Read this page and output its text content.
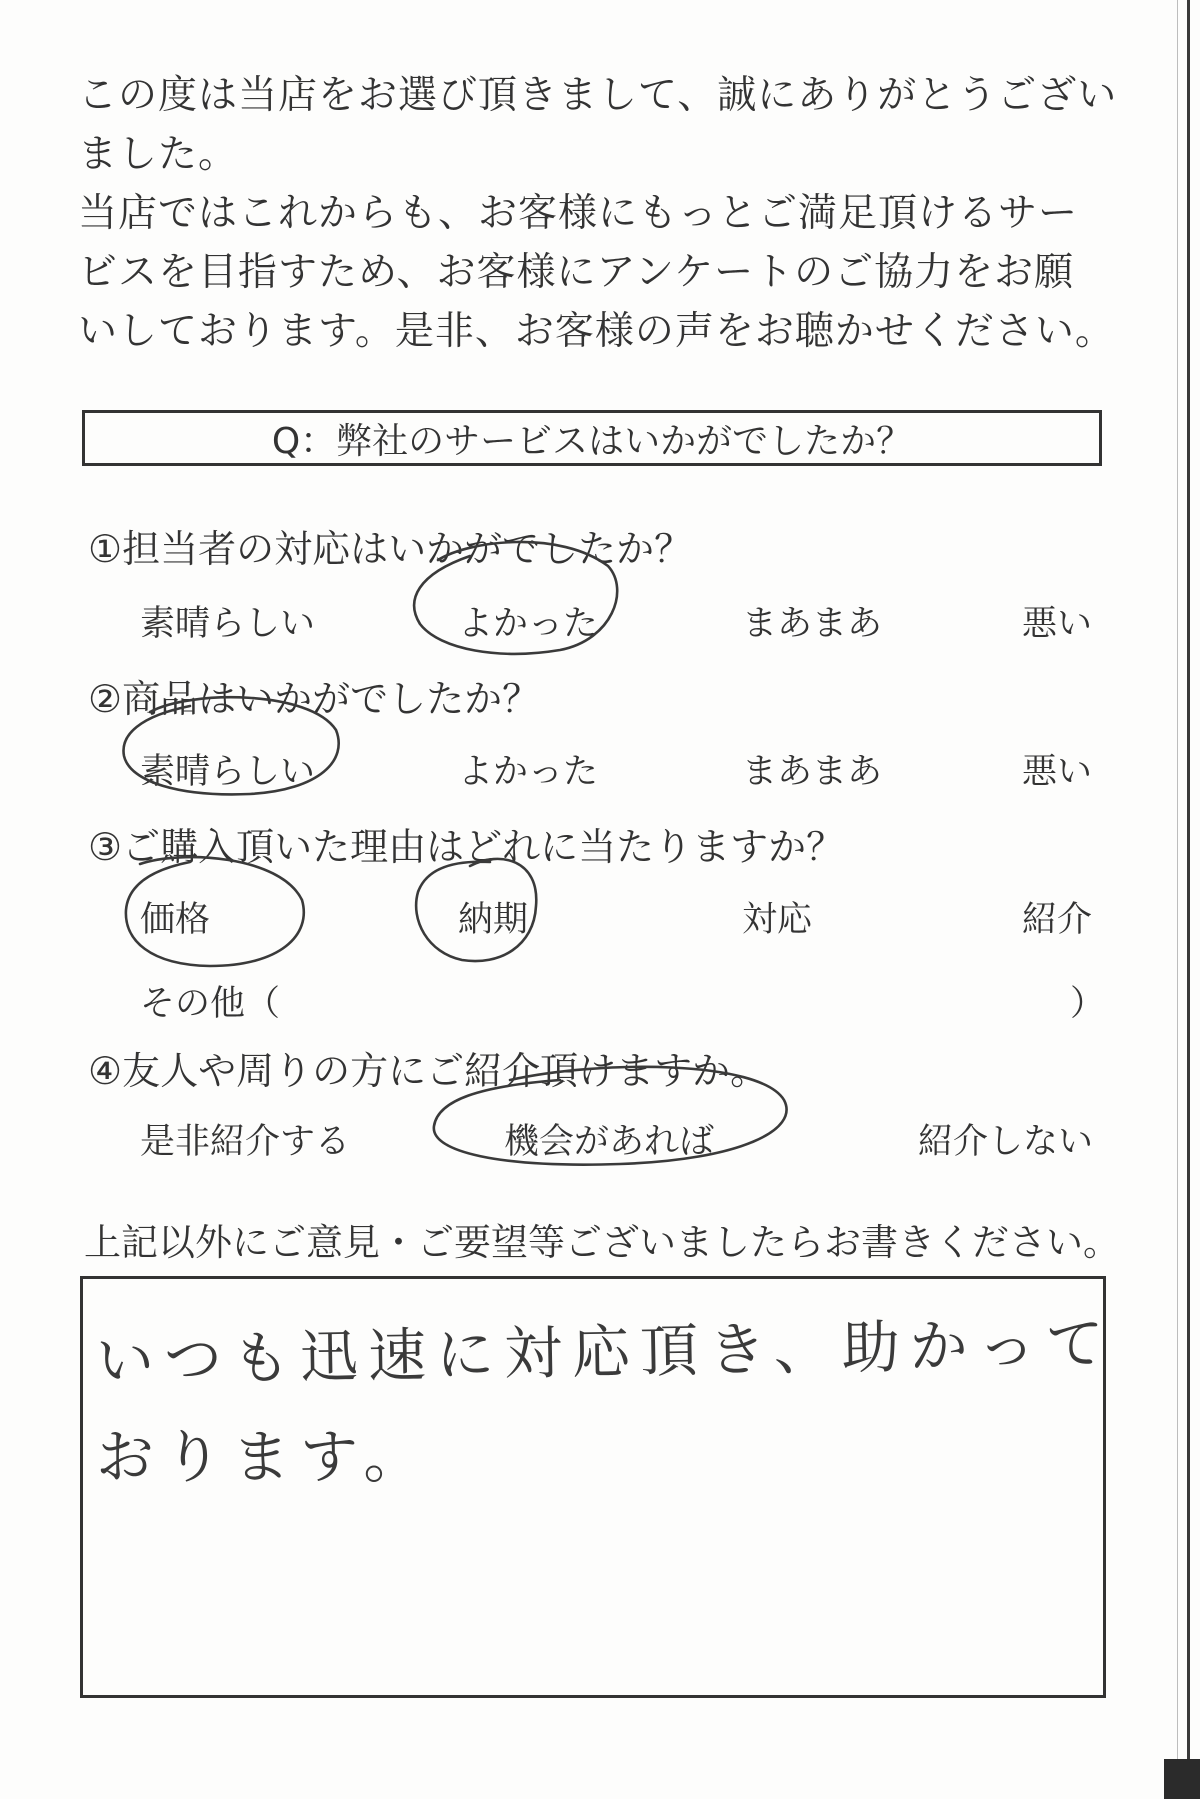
この度は当店をお選び頂きまして、誠にありがとうござい

ました。

当店ではこれからも、お客様にもっとご満足頂けるサー

ビスを目指すため、お客様にアンケートのご協力をお願

いしております。是非、お客様の声をお聴かせください。

Q：弊社のサービスはいかがでしたか？
①担当者の対応はいかがでしたか？
素晴らしい	よかった	まあまあ	悪い
②商品はいかがでしたか？
素晴らしい	よかった	まあまあ	悪い
③ご購入頂いた理由はどれに当たりますか？
価格	納期	対応	紹介
その他（	）
④友人や周りの方にご紹介頂けますか。
是非紹介する	機会があれば	紹介しない
上記以外にご意見・ご要望等ございましたらお書きください。
いつも迅速に対応頂き、助かって
おります。
